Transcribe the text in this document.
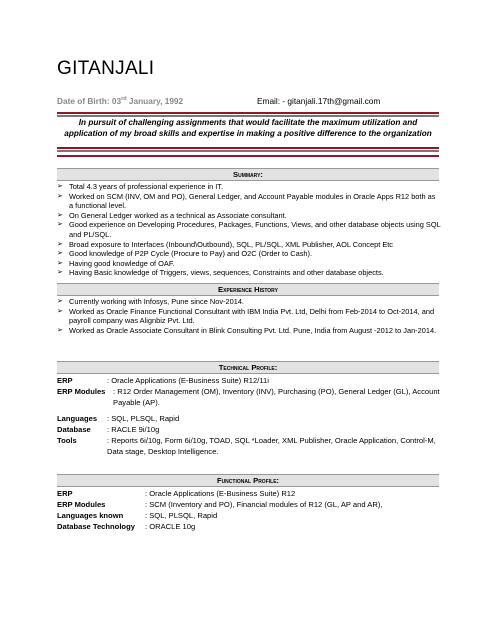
GITANJALI
Date of Birth: 03rd January, 1992	Email: - gitanjali.17th@gmail.com
In pursuit of challenging assignments that would facilitate the maximum utilization and application of my broad skills and expertise in making a positive difference to the organization
Summary:
➢ Total 4.3 years of professional experience in IT.
➢ Worked on SCM (INV, OM and PO), General Ledger, and Account Payable modules in Oracle Apps R12 both as a functional level.
➢ On General Ledger worked as a technical as Associate consultant.
➢ Good experience on Developing Procedures, Packages, Functions, Views, and other database objects using SQL and PL/SQL.
➢ Broad exposure to Interfaces (Inbound\Outbound), SQL, PL/SQL, XML Publisher, AOL Concept Etc
➢ Good knowledge of P2P Cycle (Procure to Pay) and O2C (Order to Cash).
➢ Having good knowledge of OAF.
➢ Having Basic knowledge of Triggers, views, sequences, Constraints and other database objects.
Experience History
➢ Currently working with Infosys, Pune since Nov-2014.
➢ Worked as Oracle Finance Functional Consultant with IBM India Pvt. Ltd, Delhi from Feb-2014 to Oct-2014, and payroll company was Alignbiz Pvt. Ltd.
➢ Worked as Oracle Associate Consultant in Blink Consulting Pvt. Ltd. Pune, India from August -2012 to Jan-2014.
Technical Profile:
ERP	: Oracle Applications (E-Business Suite) R12/11i
ERP Modules	: R12 Order Management (OM), Inventory (INV), Purchasing (PO), General Ledger (GL), Account Payable (AP).
Languages	: SQL, PLSQL, Rapid
Database	: RACLE 9i/10g
Tools	: Reports 6i/10g, Form 6i/10g, TOAD, SQL *Loader, XML Publisher, Oracle Application, Control-M, Data stage, Desktop Intelligence.
Functional Profile:
ERP	: Oracle Applications (E-Business Suite) R12
ERP Modules	: SCM (Inventory and PO), Financial modules of R12 (GL, AP and AR),
Languages known	: SQL, PLSQL, Rapid
Database Technology	: ORACLE 10g
